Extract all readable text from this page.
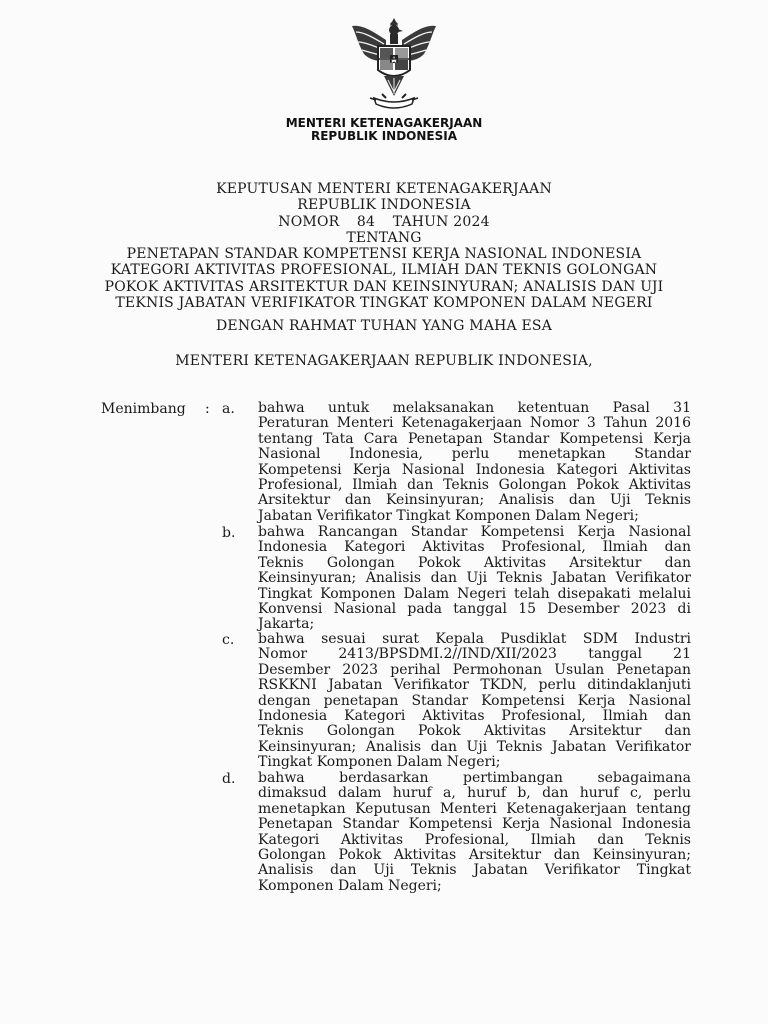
MENTERI KETENAGAKERJAAN
REPUBLIK INDONESIA
KEPUTUSAN MENTERI KETENAGAKERJAAN
REPUBLIK INDONESIA
NOMOR 84 TAHUN 2024
TENTANG
PENETAPAN STANDAR KOMPETENSI KERJA NASIONAL INDONESIA
KATEGORI AKTIVITAS PROFESIONAL, ILMIAH DAN TEKNIS GOLONGAN
POKOK AKTIVITAS ARSITEKTUR DAN KEINSINYURAN; ANALISIS DAN UJI
TEKNIS JABATAN VERIFIKATOR TINGKAT KOMPONEN DALAM NEGERI
DENGAN RAHMAT TUHAN YANG MAHA ESA
MENTERI KETENAGAKERJAAN REPUBLIK INDONESIA,
Menimbang : a. bahwa untuk melaksanakan ketentuan Pasal 31
Peraturan Menteri Ketenagakerjaan Nomor 3 Tahun 2016
tentang Tata Cara Penetapan Standar Kompetensi Kerja
Nasional Indonesia, perlu menetapkan Standar
Kompetensi Kerja Nasional Indonesia Kategori Aktivitas
Profesional, Ilmiah dan Teknis Golongan Pokok Aktivitas
Arsitektur dan Keinsinyuran; Analisis dan Uji Teknis
Jabatan Verifikator Tingkat Komponen Dalam Negeri;
b. bahwa Rancangan Standar Kompetensi Kerja Nasional
Indonesia Kategori Aktivitas Profesional, Ilmiah dan
Teknis Golongan Pokok Aktivitas Arsitektur dan
Keinsinyuran; Analisis dan Uji Teknis Jabatan Verifikator
Tingkat Komponen Dalam Negeri telah disepakati melalui
Konvensi Nasional pada tanggal 15 Desember 2023 di
Jakarta;
c. bahwa sesuai surat Kepala Pusdiklat SDM Industri
Nomor 2413/BPSDMI.2//IND/XII/2023 tanggal 21
Desember 2023 perihal Permohonan Usulan Penetapan
RSKKNI Jabatan Verifikator TKDN, perlu ditindaklanjuti
dengan penetapan Standar Kompetensi Kerja Nasional
Indonesia Kategori Aktivitas Profesional, Ilmiah dan
Teknis Golongan Pokok Aktivitas Arsitektur dan
Keinsinyuran; Analisis dan Uji Teknis Jabatan Verifikator
Tingkat Komponen Dalam Negeri;
d. bahwa berdasarkan pertimbangan sebagaimana
dimaksud dalam huruf a, huruf b, dan huruf c, perlu
menetapkan Keputusan Menteri Ketenagakerjaan tentang
Penetapan Standar Kompetensi Kerja Nasional Indonesia
Kategori Aktivitas Profesional, Ilmiah dan Teknis
Golongan Pokok Aktivitas Arsitektur dan Keinsinyuran;
Analisis dan Uji Teknis Jabatan Verifikator Tingkat
Komponen Dalam Negeri;
